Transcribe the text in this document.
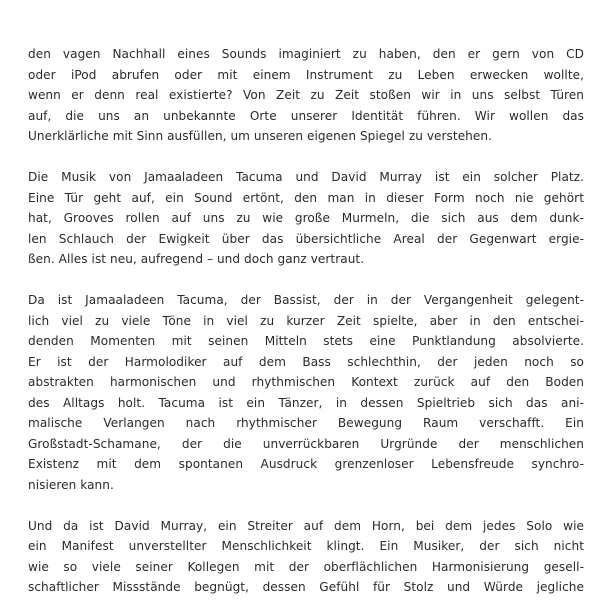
den vagen Nachhall eines Sounds imaginiert zu haben, den er gern von CD
oder iPod abrufen oder mit einem Instrument zu Leben erwecken wollte,
wenn er denn real existierte? Von Zeit zu Zeit stoßen wir in uns selbst Türen
auf, die uns an unbekannte Orte unserer Identität führen. Wir wollen das
Unerklärliche mit Sinn ausfüllen, um unseren eigenen Spiegel zu verstehen.

Die Musik von Jamaaladeen Tacuma und David Murray ist ein solcher Platz.
Eine Tür geht auf, ein Sound ertönt, den man in dieser Form noch nie gehört
hat, Grooves rollen auf uns zu wie große Murmeln, die sich aus dem dunk-
len Schlauch der Ewigkeit über das übersichtliche Areal der Gegenwart ergie-
ßen. Alles ist neu, aufregend – und doch ganz vertraut.

Da ist Jamaaladeen Tacuma, der Bassist, der in der Vergangenheit gelegent-
lich viel zu viele Töne in viel zu kurzer Zeit spielte, aber in den entschei-
denden Momenten mit seinen Mitteln stets eine Punktlandung absolvierte.
Er ist der Harmolodiker auf dem Bass schlechthin, der jeden noch so
abstrakten harmonischen und rhythmischen Kontext zurück auf den Boden
des Alltags holt. Tacuma ist ein Tänzer, in dessen Spieltrieb sich das ani-
malische Verlangen nach rhythmischer Bewegung Raum verschafft. Ein
Großstadt-Schamane, der die unverrückbaren Urgründe der menschlichen
Existenz mit dem spontanen Ausdruck grenzenloser Lebensfreude synchro-
nisieren kann.

Und da ist David Murray, ein Streiter auf dem Horn, bei dem jedes Solo wie
ein Manifest unverstellter Menschlichkeit klingt. Ein Musiker, der sich nicht
wie so viele seiner Kollegen mit der oberflächlichen Harmonisierung gesell-
schaftlicher Missstände begnügt, dessen Gefühl für Stolz und Würde jegliche
